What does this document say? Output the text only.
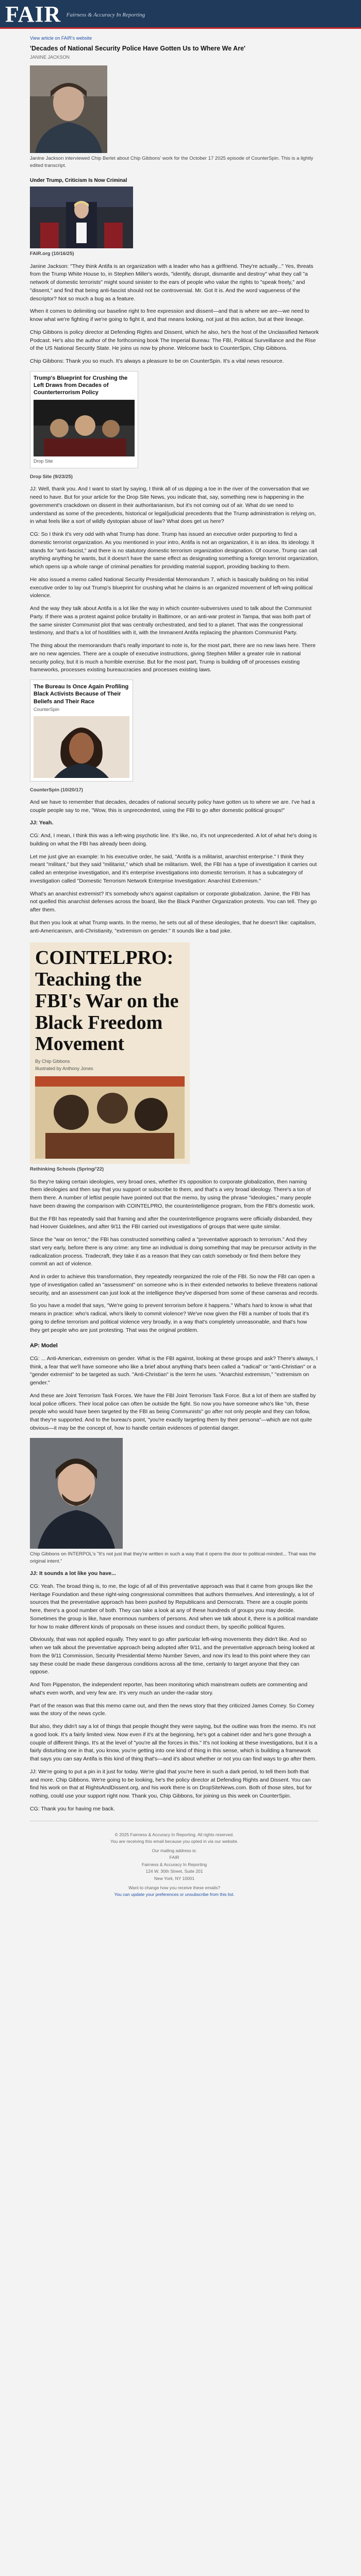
FAIR Fairness & Accuracy In Reporting
View article on FAIR's website
'Decades of National Security Police Have Gotten Us to Where We Are'
JANINE JACKSON
Janine Jackson interviewed Chip Berlet about Chip Gibbons' work for the October 17 2025 episode of CounterSpin. This is a lightly edited transcript.
Under Trump, Criticism Is Now Criminal
FAIR.org (10/16/25)

Janine Jackson: "They think Antifa is an organization with a leader who has a girlfriend. They're actually..." Yes, threats from the Trump White House to, in Stephen Miller's words, "identify, disrupt, dismantle and destroy" what they call "a network of domestic terrorists" might sound sinister to the ears of people who value the rights to "speak freely," and "dissent," and find that being anti-fascist should not be controversial. Mr. Got It is. And the word vagueness of the descriptor? Not so much a bug as a feature.

When it comes to delimiting our baseline right to free expression and dissent—and that is where we are—we need to know what we're fighting if we're going to fight it, and that means looking, not just at this action, but at their lineage.

Chip Gibbons is policy director at Defending Rights and Dissent, which he also, he's the host of the Unclassified Network Podcast. He's also the author of the forthcoming book The Imperial Bureau: The FBI, Political Surveillance and the Rise of the US National Security State. He joins us now by phone. Welcome back to CounterSpin, Chip Gibbons.

Chip Gibbons: Thank you so much. It's always a pleasure to be on CounterSpin. It's a vital news resource.

Trump's Blueprint for Crushing the Left Draws from Decades of Counterterrorism Policy
Drop Site
Drop Site (9/23/25)

JJ: Well, thank you. And I want to start by saying, I think all of us dipping a toe in the river of the conversation that we need to have. But for your article for the Drop Site News, you indicate that, say, something new is happening in the government's crackdown on dissent in their authoritarianism, but it's not coming out of air. What do we need to understand as some of the precedents, historical or legal/judicial precedents that the Trump administration is relying on, in what feels like a sort of wildly dystopian abuse of law? What does get us here?

CG: So I think it's very odd with what Trump has done. Trump has issued an executive order purporting to find a domestic terrorist organization. As you mentioned in your intro, Antifa is not an organization, it is an idea. Its ideology. It stands for "anti-fascist," and there is no statutory domestic terrorism organization designation. Of course, Trump can call anything anything he wants, but it doesn't have the same effect as designating something a foreign terrorist organization, which opens up a whole range of criminal penalties for providing material support, providing backing to them.

He also issued a memo called National Security Presidential Memorandum 7, which is basically building on his initial executive order to lay out Trump's blueprint for crushing what he claims is an organized movement of left-wing political violence.

And the way they talk about Antifa is a lot like the way in which counter-subversives used to talk about the Communist Party. If there was a protest against police brutality in Baltimore, or an anti-war protest in Tampa, that was both part of the same sinister Communist plot that was centrally orchestrated, and tied to a planet. That was the congressional testimony, and that's a lot of hostilities with it, with the Immanent Antifa replacing the phantom Communist Party.

The thing about the memorandum that's really important to note is, for the most part, there are no new laws here. There are no new agencies. There are a couple of executive instructions, giving Stephen Miller a greater role in national security policy, but it is much a horrible exercise. But for the most part, Trump is building off of processes existing frameworks, processes existing bureaucracies and processes existing laws.

The Bureau Is Once Again Profiling Black Activists Because of Their Beliefs and Their Race
CounterSpin
CounterSpin (10/20/17)

And we have to remember that decades, decades of national security policy have gotten us to where we are. I've had a couple people say to me, "Wow, this is unprecedented, using the FBI to go after domestic political groups!"

JJ: Yeah.

CG: And, I mean, I think this was a left-wing psychotic line. It's like, no, it's not unprecedented. A lot of what he's doing is building on what the FBI has already been doing.

Let me just give an example: In his executive order, he said, "Antifa is a militarist, anarchist enterprise." I think they meant "militant," but they said "militarist," which shall be militarism. Well, the FBI has a type of investigation it carries out called an enterprise investigation, and it's enterprise investigations into domestic terrorism. It has a subcategory of investigation called "Domestic Terrorism Network Enterprise Investigation: Anarchist Extremism."

What's an anarchist extremist? It's somebody who's against capitalism or corporate globalization. Janine, the FBI has not quelled this anarchist defenses across the board, like the Black Panther Organization protests. You can tell. They go after them.

But then you look at what Trump wants. In the memo, he sets out all of these ideologies, that he doesn't like: capitalism, anti-Americanism, anti-Christianity, "extremism on gender." It sounds like a bad joke.

COINTELPRO: Teaching the FBI's War on the Black Freedom Movement
By Chip Gibbons
Illustrated by Anthony Jones
Rethinking Schools (Spring/'22)

So they're taking certain ideologies, very broad ones, whether it's opposition to corporate globalization, then naming them ideologies and then say that you support or subscribe to them, and that's a very broad ideology. There's a ton of them there. A number of leftist people have pointed out that the memo, by using the phrase "ideologies," many people have been drawing the comparison with COINTELPRO, the counterintelligence program, from the FBI's domestic work.

But the FBI has repeatedly said that framing and after the counterintelligence programs were officially disbanded, they had Hoover Guidelines, and after 9/11 the FBI carried out investigations of groups that were quite similar.

Since the "war on terror," the FBI has constructed something called a "preventative approach to terrorism." And they start very early, before there is any crime: any time an individual is doing something that may be precursor activity in the radicalization process. Tradecraft, they take it as a reason that they can catch somebody or find them before they commit an act of violence.

And in order to achieve this transformation, they repeatedly reorganized the role of the FBI. So now the FBI can open a type of investigation called an "assessment" on someone who is in their extended networks to believe threatens national security, and an assessment can just look at the intelligence they've dispersed from some of these cameras and records.

So you have a model that says, "We're going to prevent terrorism before it happens." What's hard to know is what that means in practice: who's radical, who's likely to commit violence? We've now given the FBI a number of tools that it's going to define terrorism and political violence very broadly, in a way that's completely unreasonable, and that's how they get people who are just protesting. That was the original problem.

AP: Model

CG: ... Anti-American, extremism on gender. What is the FBI against, looking at these groups and ask? There's always, I think, a fear that we'll have someone who like a brief about anything that's been called a "radical" or "anti-Christian" or a "gender extremist" to be targeted as such. "Anti-Christian" is the term he uses. "Anarchist extremism," "extremism on gender."

And these are Joint Terrorism Task Forces. We have the FBI Joint Terrorism Task Force. But a lot of them are staffed by local police officers. Their local police can often be outside the fight. So now you have someone who's like "oh, these people who would have been targeted by the FBI as being Communists" go after not only people and they can follow, that they're supported. And to the bureau's point, "you're exactly targeting them by their persona"—which are not quite obvious—it may be the concept of, how to handle certain evidences of potential danger.

Chip Gibbons on INTERPOL's "It's not just that they're written in such a way that it opens the door to political-minded... That was the original intent."

JJ: It sounds a lot like you have...

CG: Yeah. The broad thing is, to me, the logic of all of this preventative approach was that it came from groups like the Heritage Foundation and these right-wing congressional committees that authors themselves. And interestingly, a lot of sources that the preventative approach has been pushed by Republicans and Democrats. There are a couple points here, there's a good number of both. They can take a look at any of these hundreds of groups you may decide. Sometimes the group is like, have enormous numbers of persons. And when we talk about it, there is a political mandate for how to make different kinds of proposals on these issues and conduct them, by specific political figures.

Obviously, that was not applied equally. They want to go after particular left-wing movements they didn't like. And so when we talk about the preventative approach being adopted after 9/11, and the preventative approach being looked at from the 9/11 Commission, Security Presidential Memo Number Seven, and now it's lead to this point where they can say these could be made these dangerous conditions across all the time, certainly to target anyone that they can oppose.

And Tom Pippenston, the independent reporter, has been monitoring which mainstream outlets are commenting and what's even worth, and very few are. It's very much an under-the-radar story.

Part of the reason was that this memo came out, and then the news story that they criticized James Comey. So Comey was the story of the news cycle.

But also, they didn't say a lot of things that people thought they were saying, but the outline was from the memo. It's not a good look. It's a fairly limited view. Now even if it's at the beginning, he's got a cabinet rider and he's gone through a couple of different things. It's at the level of "you're all the forces in this." It's not looking at these investigations, but it is a fairly disturbing one in that, you know, you're getting into one kind of thing in this sense, which is building a framework that says you can say Antifa is this kind of thing that's—and it's about whether or not you can find ways to go after them.

JJ: We're going to put a pin in it just for today. We're glad that you're here in such a dark period, to tell them both that and more. Chip Gibbons. We're going to be looking, he's the policy director at Defending Rights and Dissent. You can find his work on that at RightsAndDissent.org, and his work there is on DropSiteNews.com. Both of those sites, but for nothing, could use your support right now. Thank you, Chip Gibbons, for joining us this week on CounterSpin.

CG: Thank you for having me back.

© 2025 Fairness & Accuracy In Reporting. All rights reserved.
You are receiving this email because you opted in via our website.
Our mailing address is:
FAIR
Fairness & Accuracy In Reporting
124 W. 30th Street, Suite 201
New York, NY 10001
Want to change how you receive these emails?
You can update your preferences or unsubscribe from this list.
